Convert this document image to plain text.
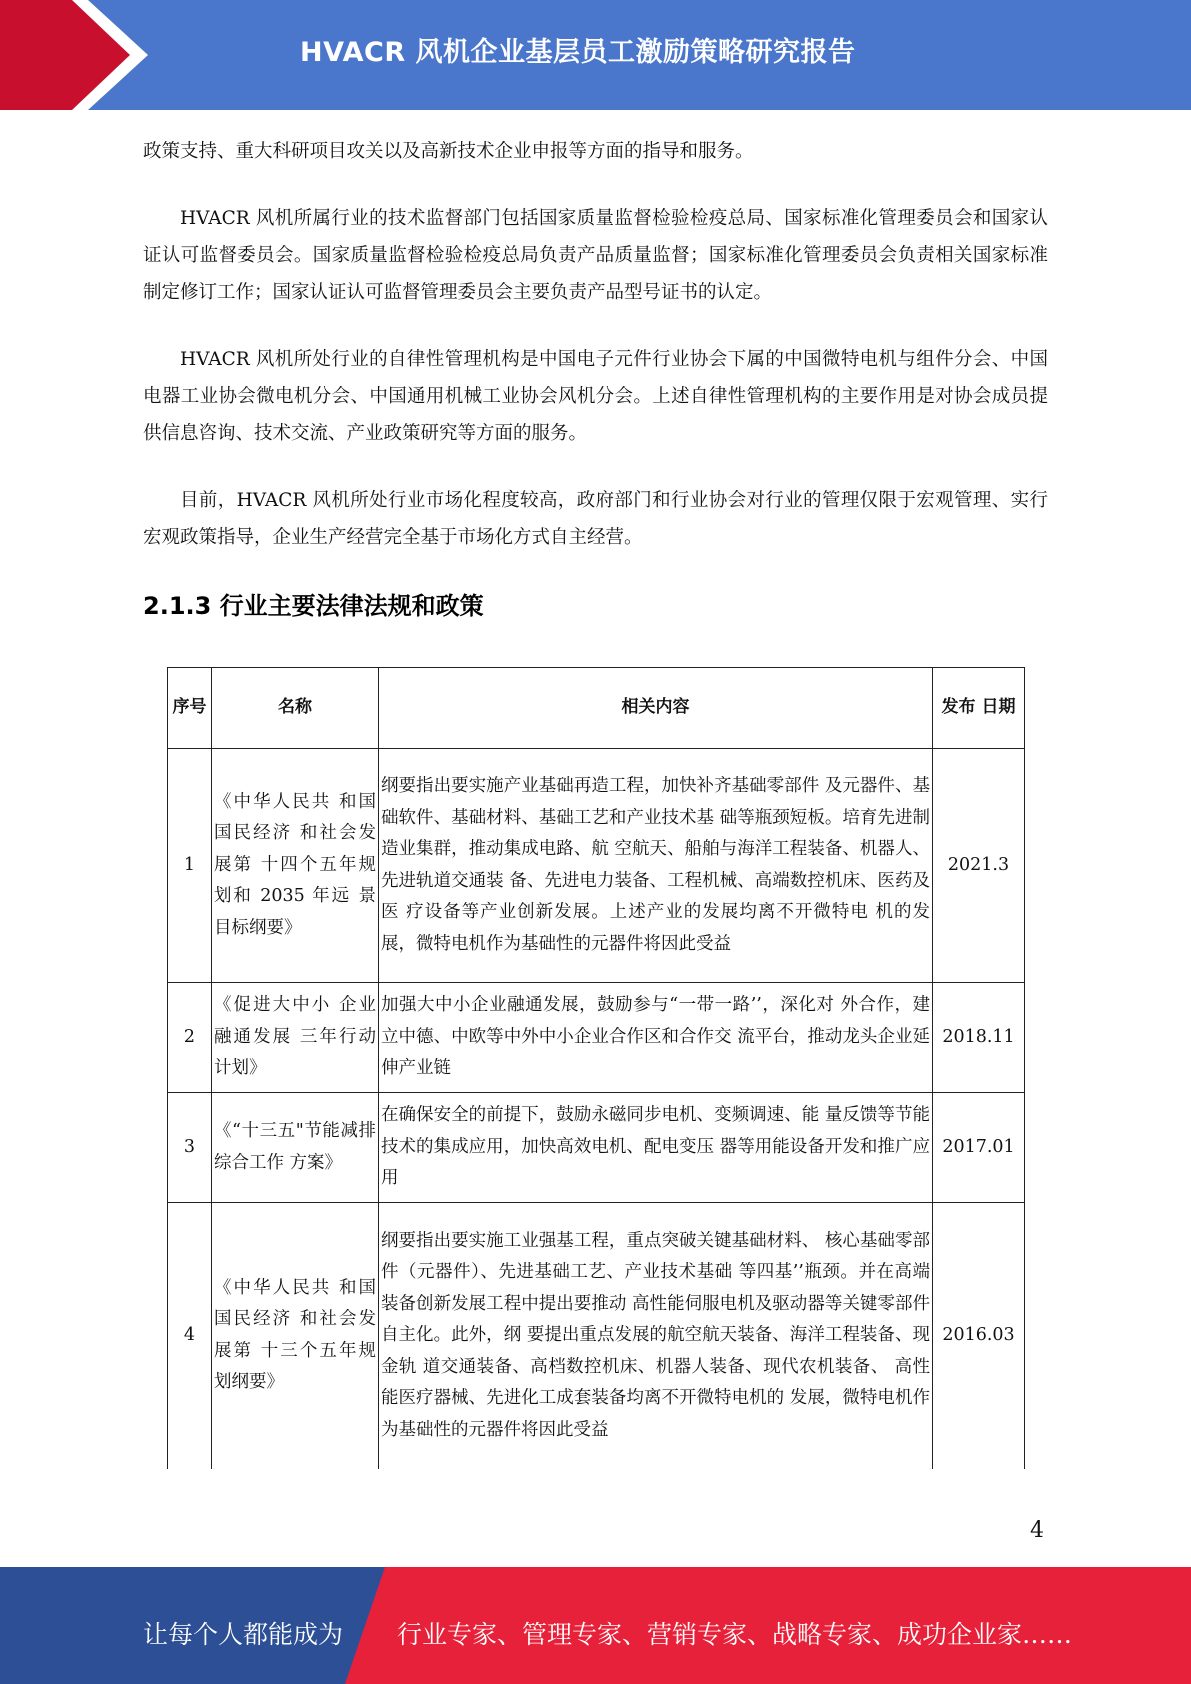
HVACR 风机企业基层员工激励策略研究报告

政策支持、重大科研项目攻关以及高新技术企业申报等方面的指导和服务。

HVACR 风机所属行业的技术监督部门包括国家质量监督检验检疫总局、国家标准化管理委员会和国家认证认可监督委员会。国家质量监督检验检疫总局负责产品质量监督；国家标准化管理委员会负责相关国家标准制定修订工作；国家认证认可监督管理委员会主要负责产品型号证书的认定。

HVACR 风机所处行业的自律性管理机构是中国电子元件行业协会下属的中国微特电机与组件分会、中国电器工业协会微电机分会、中国通用机械工业协会风机分会。上述自律性管理机构的主要作用是对协会成员提供信息咨询、技术交流、产业政策研究等方面的服务。

目前，HVACR 风机所处行业市场化程度较高，政府部门和行业协会对行业的管理仅限于宏观管理、实行宏观政策指导，企业生产经营完全基于市场化方式自主经营。

2.1.3 行业主要法律法规和政策
序号	名称	相关内容	发布 日期
1	《中华人民共 和国国民经济 和社会发展第 十四个五年规 划和 2035 年远 景目标纲要》	纲要指出要实施产业基础再造工程，加快补齐基础零部件 及元器件、基础软件、基础材料、基础工艺和产业技术基 础等瓶颈短板。培育先进制造业集群，推动集成电路、航 空航天、船舶与海洋工程装备、机器人、先进轨道交通装 备、先进电力装备、工程机械、高端数控机床、医药及医 疗设备等产业创新发展。上述产业的发展均离不开微特电 机的发展，微特电机作为基础性的元器件将因此受益	2021.3
2	《促进大中小 企业融通发展 三年行动计划》	加强大中小企业融通发展，鼓励参与“一带一路’’，深化对 外合作，建立中德、中欧等中外中小企业合作区和合作交 流平台，推动龙头企业延伸产业链	2018.11
3	《“十三五"节能减排综合工作 方案》	在确保安全的前提下，鼓励永磁同步电机、变频调速、能 量反馈等节能技术的集成应用，加快高效电机、配电变压 器等用能设备开发和推广应用	2017.01
4	《中华人民共 和国国民经济 和社会发展第 十三个五年规 划纲要》	纲要指出要实施工业强基工程，重点突破关键基础材料、 核心基础零部件（元器件）、先进基础工艺、产业技术基础 等四基’’瓶颈。并在高端装备创新发展工程中提出要推动 高性能伺服电机及驱动器等关键零部件自主化。此外，纲 要提出重点发展的航空航天装备、海洋工程装备、现金轨 道交通装备、高档数控机床、机器人装备、现代农机装备、 高性能医疗器械、先进化工成套装备均离不开微特电机的 发展，微特电机作为基础性的元器件将因此受益	2016.03
4
让每个人都能成为 行业专家、管理专家、营销专家、战略专家、成功企业家……
